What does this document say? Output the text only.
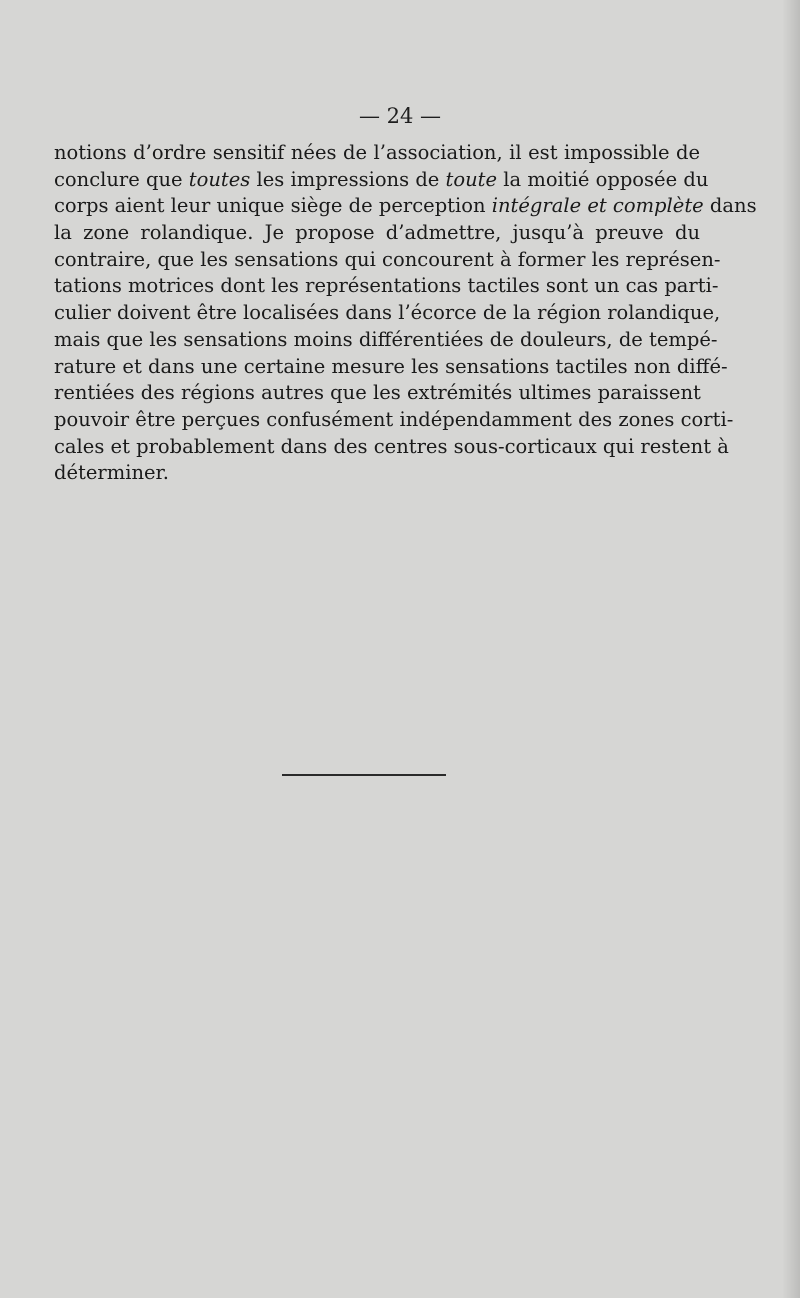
— 24 —
notions d’ordre sensitif nées de l’association, il est impossible de
conclure que toutes les impressions de toute la moitié opposée du
corps aient leur unique siège de perception intégrale et complète dans
la zone rolandique. Je propose d’admettre, jusqu’à preuve du
contraire, que les sensations qui concourent à former les représen-
tations motrices dont les représentations tactiles sont un cas parti-
culier doivent être localisées dans l’écorce de la région rolandique,
mais que les sensations moins différentiées de douleurs, de tempé-
rature et dans une certaine mesure les sensations tactiles non diffé-
rentiées des régions autres que les extrémités ultimes paraissent
pouvoir être perçues confusément indépendamment des zones corti-
cales et probablement dans des centres sous-corticaux qui restent à
déterminer.
